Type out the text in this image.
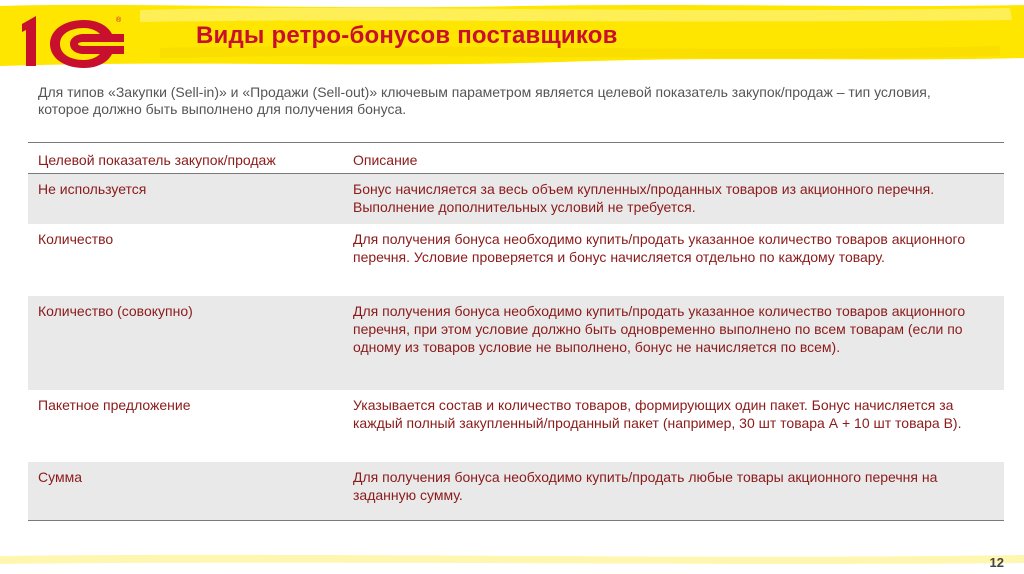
®
Виды ретро-бонусов поставщиков
Для типов «Закупки (Sell-in)» и «Продажи (Sell-out)» ключевым параметром является целевой показатель закупок/продаж – тип условия, которое должно быть выполнено для получения бонуса.
Целевой показатель закупок/продаж	Описание
Не используется	Бонус начисляется за весь объем купленных/проданных товаров из акционного перечня. Выполнение дополнительных условий не требуется.
Количество	Для получения бонуса необходимо купить/продать указанное количество товаров акционного перечня. Условие проверяется и бонус начисляется отдельно по каждому товару.
Количество (совокупно)	Для получения бонуса необходимо купить/продать указанное количество товаров акционного перечня, при этом условие должно быть одновременно выполнено по всем товарам (если по одному из товаров условие не выполнено, бонус не начисляется по всем).
Пакетное предложение	Указывается состав и количество товаров, формирующих один пакет. Бонус начисляется за каждый полный закупленный/проданный пакет (например, 30 шт товара А + 10 шт товара В).
Сумма	Для получения бонуса необходимо купить/продать любые товары акционного перечня на заданную сумму.
12
